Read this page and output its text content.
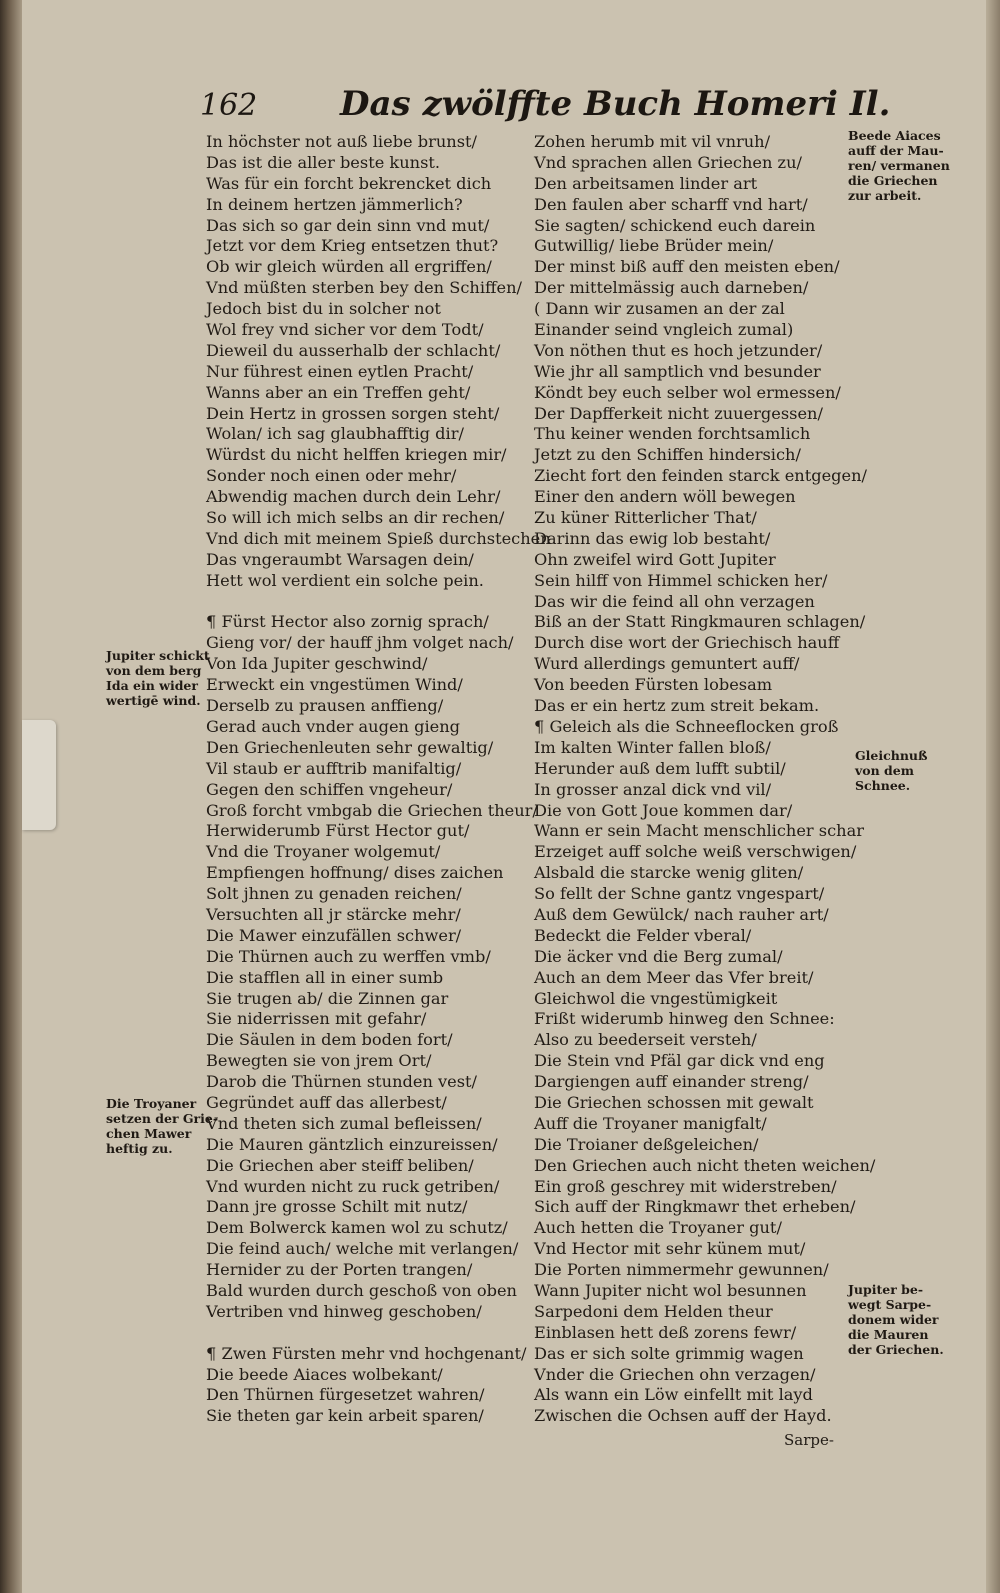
162 Das zwölffte Buch Homeri Il.
In höchster not auß liebe brunst/
Das ist die aller beste kunst.
Was für ein forcht bekrencket dich
In deinem hertzen jämmerlich?
Das sich so gar dein sinn vnd mut/
Jetzt vor dem Krieg entsetzen thut?
Ob wir gleich würden all ergriffen/
Vnd müßten sterben bey den Schiffen/
Jedoch bist du in solcher not
Wol frey vnd sicher vor dem Todt/
Dieweil du ausserhalb der schlacht/
Nur führest einen eytlen Pracht/
Wanns aber an ein Treffen geht/
Dein Hertz in grossen sorgen steht/
Wolan/ ich sag glaubhafftig dir/
Würdst du nicht helffen kriegen mir/
Sonder noch einen oder mehr/
Abwendig machen durch dein Lehr/
So will ich mich selbs an dir rechen/
Vnd dich mit meinem Spieß durchstechen
Das vngeraumbt Warsagen dein/
Hett wol verdient ein solche pein.
¶ Fürst Hector also zornig sprach/
Gieng vor/ der hauff jhm volget nach/
Von Ida Jupiter geschwind/
Erweckt ein vngestümen Wind/
Derselb zu prausen anffieng/
Gerad auch vnder augen gieng
Den Griechenleuten sehr gewaltig/
Vil staub er aufftrib manifaltig/
Gegen den schiffen vngeheur/
Groß forcht vmbgab die Griechen theur/
Herwiderumb Fürst Hector gut/
Vnd die Troyaner wolgemut/
Empfiengen hoffnung/ dises zaichen
Solt jhnen zu genaden reichen/
Versuchten all jr stärcke mehr/
Die Mawer einzufällen schwer/
Die Thürnen auch zu werffen vmb/
Die stafflen all in einer sumb
Sie trugen ab/ die Zinnen gar
Sie niderrissen mit gefahr/
Die Säulen in dem boden fort/
Bewegten sie von jrem Ort/
Darob die Thürnen stunden vest/
Gegründet auff das allerbest/
Vnd theten sich zumal befleissen/
Die Mauren gäntzlich einzureissen/
Die Griechen aber steiff beliben/
Vnd wurden nicht zu ruck getriben/
Dann jre grosse Schilt mit nutz/
Dem Bolwerck kamen wol zu schutz/
Die feind auch/ welche mit verlangen/
Hernider zu der Porten trangen/
Bald wurden durch geschoß von oben
Vertriben vnd hinweg geschoben/
¶ Zwen Fürsten mehr vnd hochgenant/
Die beede Aiaces wolbekant/
Den Thürnen fürgesetzet wahren/
Sie theten gar kein arbeit sparen/
Zohen herumb mit vil vnruh/
Vnd sprachen allen Griechen zu/
Den arbeitsamen linder art
Den faulen aber scharff vnd hart/
Sie sagten/ schickend euch darein
Gutwillig/ liebe Brüder mein/
Der minst biß auff den meisten eben/
Der mittelmässig auch darneben/
( Dann wir zusamen an der zal
Einander seind vngleich zumal)
Von nöthen thut es hoch jetzunder/
Wie jhr all samptlich vnd besunder
Köndt bey euch selber wol ermessen/
Der Dapfferkeit nicht zuuergessen/
Thu keiner wenden forchtsamlich
Jetzt zu den Schiffen hindersich/
Ziecht fort den feinden starck entgegen/
Einer den andern wöll bewegen
Zu küner Ritterlicher That/
Darinn das ewig lob bestaht/
Ohn zweifel wird Gott Jupiter
Sein hilff von Himmel schicken her/
Das wir die feind all ohn verzagen
Biß an der Statt Ringkmauren schlagen/
Durch dise wort der Griechisch hauff
Wurd allerdings gemuntert auff/
Von beeden Fürsten lobesam
Das er ein hertz zum streit bekam.
¶ Geleich als die Schneeflocken groß
Im kalten Winter fallen bloß/
Herunder auß dem lufft subtil/
In grosser anzal dick vnd vil/
Die von Gott Joue kommen dar/
Wann er sein Macht menschlicher schar
Erzeiget auff solche weiß verschwigen/
Alsbald die starcke wenig gliten/
So fellt der Schne gantz vngespart/
Auß dem Gewülck/ nach rauher art/
Bedeckt die Felder vberal/
Die äcker vnd die Berg zumal/
Auch an dem Meer das Vfer breit/
Gleichwol die vngestümigkeit
Frißt widerumb hinweg den Schnee:
Also zu beederseit versteh/
Die Stein vnd Pfäl gar dick vnd eng
Dargiengen auff einander streng/
Die Griechen schossen mit gewalt
Auff die Troyaner manigfalt/
Die Troianer deßgeleichen/
Den Griechen auch nicht theten weichen/
Ein groß geschrey mit widerstreben/
Sich auff der Ringkmawr thet erheben/
Auch hetten die Troyaner gut/
Vnd Hector mit sehr künem mut/
Die Porten nimmermehr gewunnen/
Wann Jupiter nicht wol besunnen
Sarpedoni dem Helden theur
Einblasen hett deß zorens fewr/
Das er sich solte grimmig wagen
Vnder die Griechen ohn verzagen/
Als wann ein Löw einfellt mit layd
Zwischen die Ochsen auff der Hayd.
Beede Aiaces
auff der Mau-
ren/ vermanen
die Griechen
zur arbeit.
Jupiter schickt
von dem berg
Ida ein wider
wertigē wind.
Gleichnuß
von dem
Schnee.
Die Troyaner
setzen der Grie-
chen Mawer
heftig zu.
Jupiter be-
wegt Sarpe-
donem wider
die Mauren
der Griechen.
Sarpe-
